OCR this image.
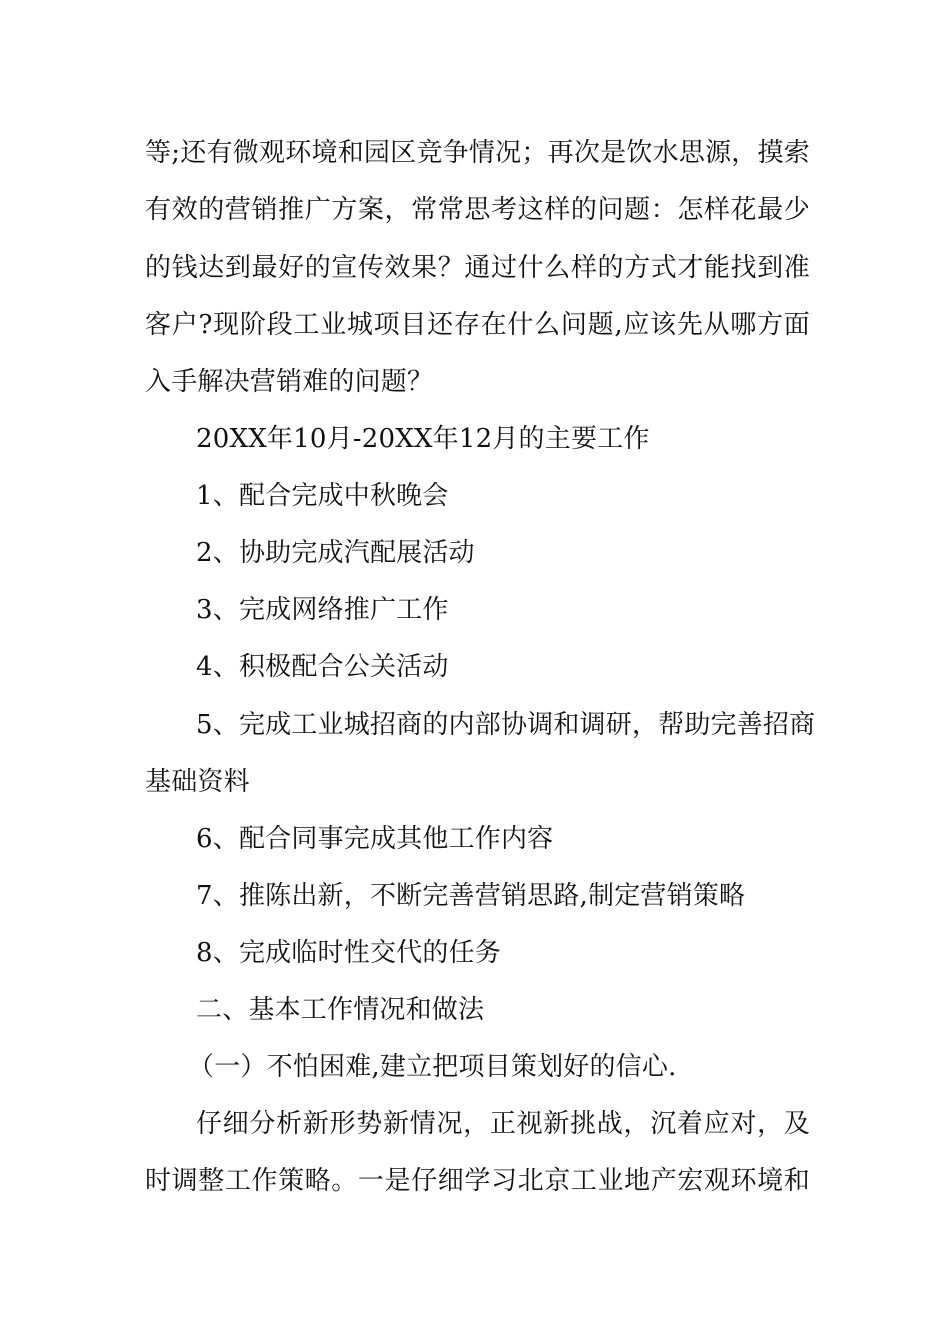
等;还有微观环境和园区竞争情况；再次是饮水思源，摸索
有效的营销推广方案，常常思考这样的问题：怎样花最少
的钱达到最好的宣传效果？通过什么样的方式才能找到准
客户?现阶段工业城项目还存在什么问题,应该先从哪方面
入手解决营销难的问题？
20XX年10月-20XX年12月的主要工作
1、配合完成中秋晚会
2、协助完成汽配展活动
3、完成网络推广工作
4、积极配合公关活动
5、完成工业城招商的内部协调和调研，帮助完善招商
基础资料
6、配合同事完成其他工作内容
7、推陈出新，不断完善营销思路,制定营销策略
8、完成临时性交代的任务
二、基本工作情况和做法
（一）不怕困难,建立把项目策划好的信心.
仔细分析新形势新情况，正视新挑战，沉着应对，及
时调整工作策略。一是仔细学习北京工业地产宏观环境和
